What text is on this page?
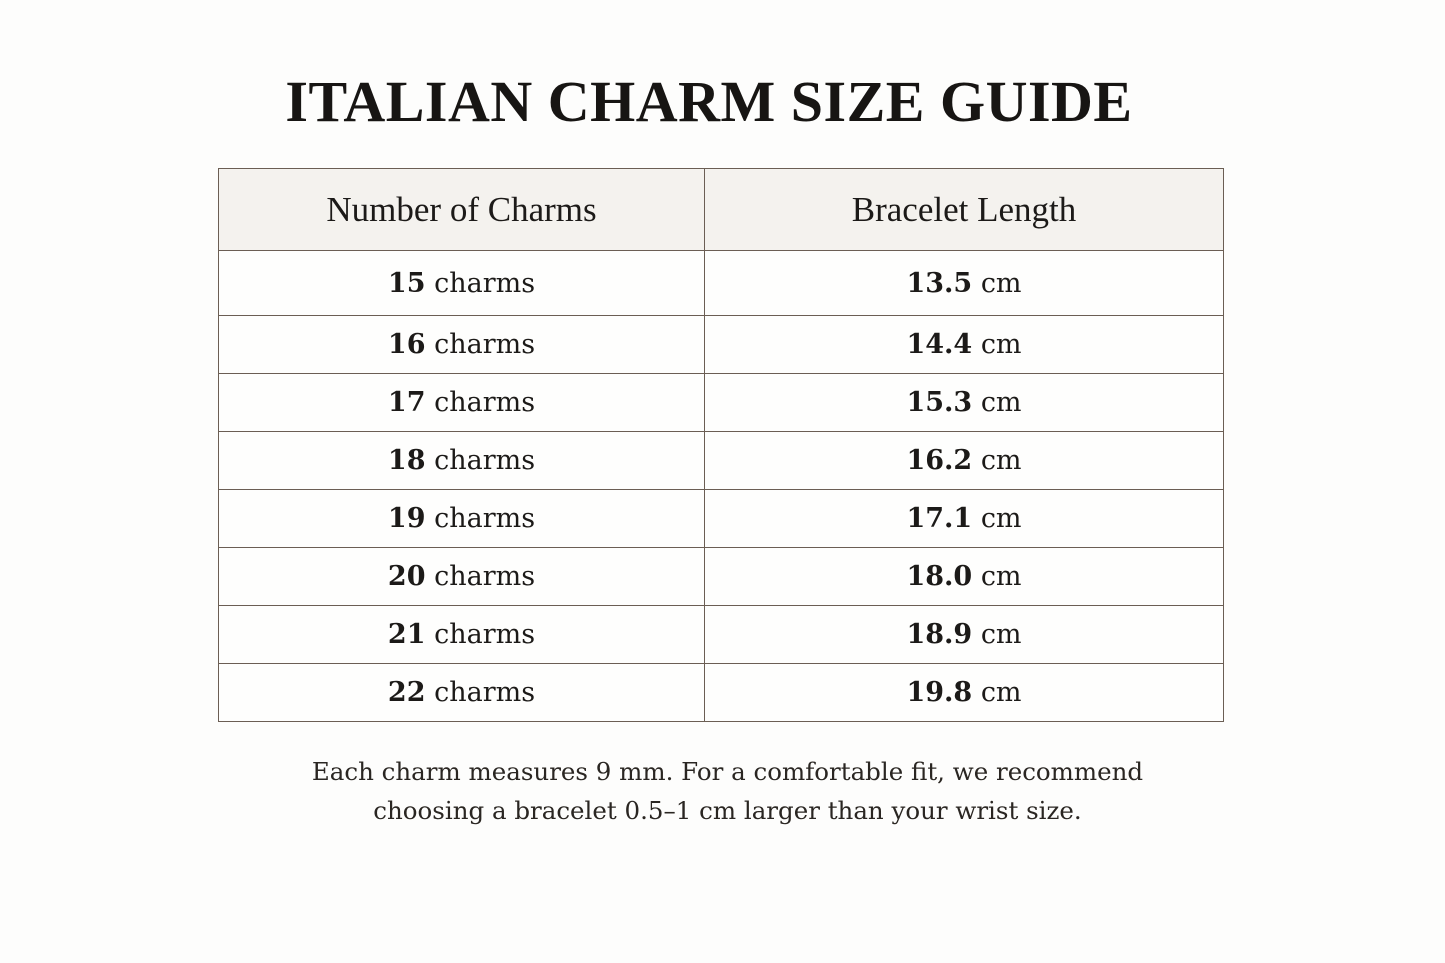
ITALIAN CHARM SIZE GUIDE
Number of Charms	Bracelet Length
15 charms	13.5 cm
16 charms	14.4 cm
17 charms	15.3 cm
18 charms	16.2 cm
19 charms	17.1 cm
20 charms	18.0 cm
21 charms	18.9 cm
22 charms	19.8 cm
Each charm measures 9 mm. For a comfortable fit, we recommend
choosing a bracelet 0.5–1 cm larger than your wrist size.
